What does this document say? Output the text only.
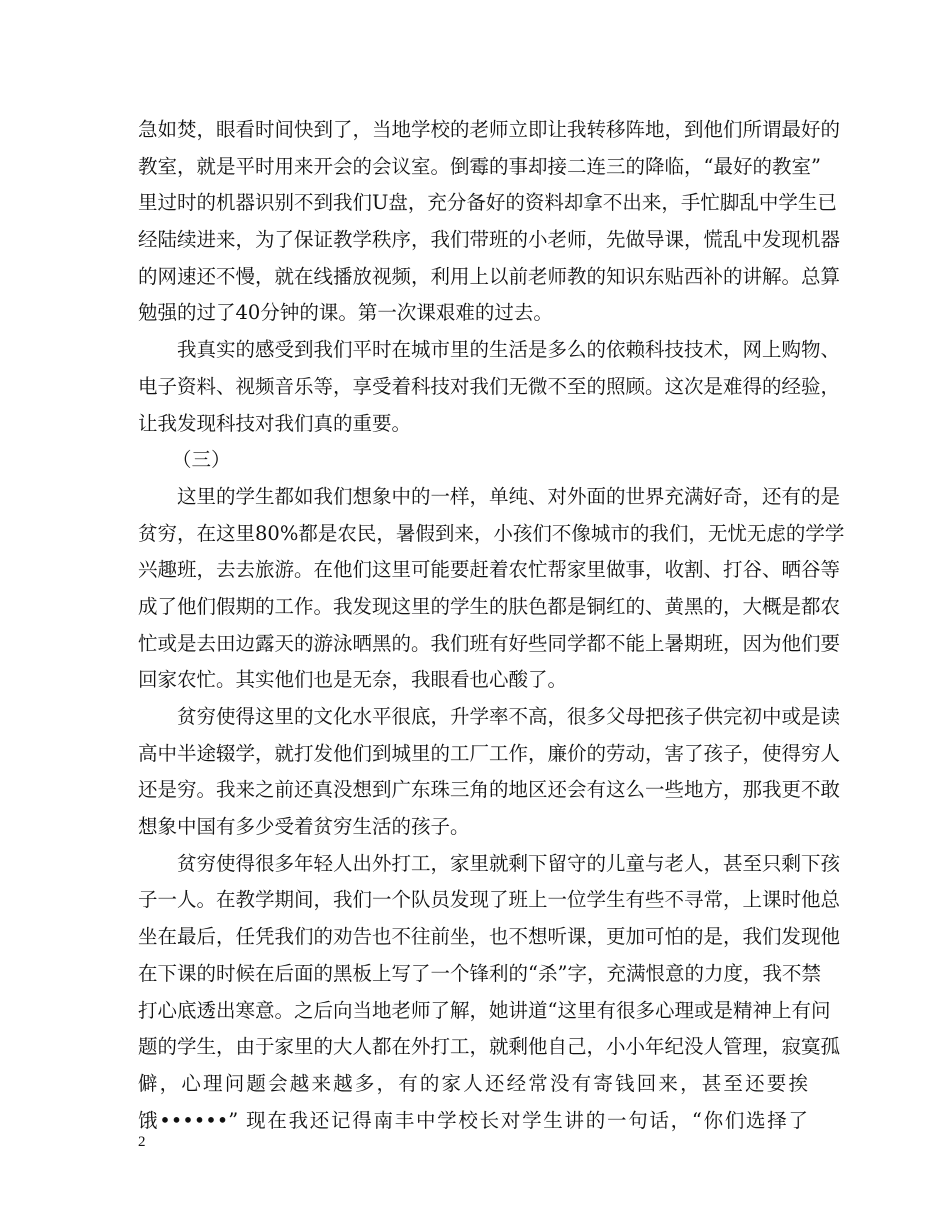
急如焚，眼看时间快到了，当地学校的老师立即让我转移阵地，到他们所谓最好的
教室，就是平时用来开会的会议室。倒霉的事却接二连三的降临，“最好的教室”
里过时的机器识别不到我们U盘，充分备好的资料却拿不出来，手忙脚乱中学生已
经陆续进来，为了保证教学秩序，我们带班的小老师，先做导课，慌乱中发现机器
的网速还不慢，就在线播放视频，利用上以前老师教的知识东贴西补的讲解。总算
勉强的过了40分钟的课。第一次课艰难的过去。
我真实的感受到我们平时在城市里的生活是多么的依赖科技技术，网上购物、
电子资料、视频音乐等，享受着科技对我们无微不至的照顾。这次是难得的经验，
让我发现科技对我们真的重要。
（三）
这里的学生都如我们想象中的一样，单纯、对外面的世界充满好奇，还有的是
贫穷，在这里80%都是农民，暑假到来，小孩们不像城市的我们，无忧无虑的学学
兴趣班，去去旅游。在他们这里可能要赶着农忙帮家里做事，收割、打谷、晒谷等
成了他们假期的工作。我发现这里的学生的肤色都是铜红的、黄黑的，大概是都农
忙或是去田边露天的游泳晒黑的。我们班有好些同学都不能上暑期班，因为他们要
回家农忙。其实他们也是无奈，我眼看也心酸了。
贫穷使得这里的文化水平很底，升学率不高，很多父母把孩子供完初中或是读
高中半途辍学，就打发他们到城里的工厂工作，廉价的劳动，害了孩子，使得穷人
还是穷。我来之前还真没想到广东珠三角的地区还会有这么一些地方，那我更不敢
想象中国有多少受着贫穷生活的孩子。
贫穷使得很多年轻人出外打工，家里就剩下留守的儿童与老人，甚至只剩下孩
子一人。在教学期间，我们一个队员发现了班上一位学生有些不寻常，上课时他总
坐在最后，任凭我们的劝告也不往前坐，也不想听课，更加可怕的是，我们发现他
在下课的时候在后面的黑板上写了一个锋利的“杀”字，充满恨意的力度，我不禁
打心底透出寒意。之后向当地老师了解，她讲道“这里有很多心理或是精神上有问
题的学生，由于家里的大人都在外打工，就剩他自己，小小年纪没人管理，寂寞孤
僻，心理问题会越来越多，有的家人还经常没有寄钱回来，甚至还要挨
饿••••••” 现在我还记得南丰中学校长对学生讲的一句话，“你们选择了
2
